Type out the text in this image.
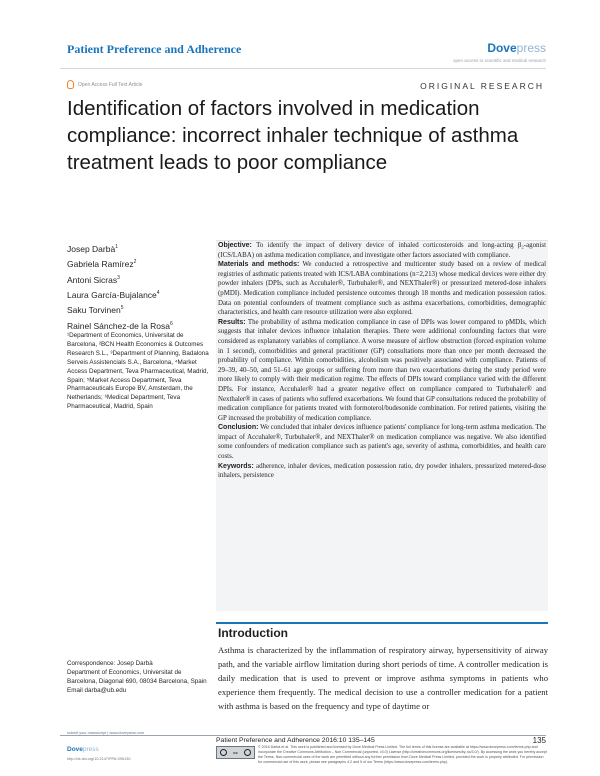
Patient Preference and Adherence	Dovepress
open access to scientific and medical research
Open Access Full Text Article	ORIGINAL RESEARCH
Identification of factors involved in medication compliance: incorrect inhaler technique of asthma treatment leads to poor compliance
Josep Darbà$^1$
Gabriela Ramírez$^2$
Antoni Sicras$^3$
Laura García-Bujalance$^4$
Saku Torvinen$^5$
Rainel Sánchez-de la Rosa$^6$
¹Department of Economics, Universitat de Barcelona, ²BCN Health Economics & Outcomes Research S.L., ³Department of Planning, Badalona Serveis Assistencials S.A., Barcelona, ⁴Market Access Department, Teva Pharmaceutical, Madrid, Spain; ⁵Market Access Department, Teva Pharmaceuticals Europe BV, Amsterdam, the Netherlands; ⁶Medical Department, Teva Pharmaceutical, Madrid, Spain
Correspondence: Josep Darbà
Department of Economics, Universitat de Barcelona, Diagonal 690, 08034 Barcelona, Spain
Email darba@ub.edu

Objective: To identify the impact of delivery device of inhaled corticosteroids and long-acting β₂-agonist (ICS/LABA) on asthma medication compliance, and investigate other factors associated with compliance.

Materials and methods: We conducted a retrospective and multicenter study based on a review of medical registries of asthmatic patients treated with ICS/LABA combinations (n=2,213) whose medical devices were either dry powder inhalers (DPIs, such as Accuhaler®, Turbuhaler®, and NEXThaler®) or pressurized metered-dose inhalers (pMDI). Medication compliance included persistence outcomes through 18 months and medication possession ratios. Data on potential confounders of treatment compliance such as asthma exacerbations, comorbidities, demographic characteristics, and health care resource utilization were also explored.

Results: The probability of asthma medication compliance in case of DPIs was lower compared to pMDIs, which suggests that inhaler devices influence inhalation therapies. There were additional confounding factors that were considered as explanatory variables of compliance. A worse measure of airflow obstruction (forced expiration volume in 1 second), comorbidities and general practitioner (GP) consultations more than once per month decreased the probability of compliance. Within comorbidities, alcoholism was positively associated with compliance. Patients of 29–39, 40–50, and 51–61 age groups or suffering from more than two exacerbations during the study period were more likely to comply with their medication regime. The effects of DPIs toward compliance varied with the different DPIs. For instance, Accuhaler® had a greater negative effect on compliance compared to Turbuhaler® and Nexthaler® in cases of patients who suffered exacerbations. We found that GP consultations reduced the probability of medication compliance for patients treated with formoterol/budesonide combination. For retired patients, visiting the GP increased the probability of medication compliance.

Conclusion: We concluded that inhaler devices influence patients' compliance for long-term asthma medication. The impact of Accuhaler®, Turbuhaler®, and NEXThaler® on medication compliance was negative. We also identified some confounders of medication compliance such as patient's age, severity of asthma, comorbidities, and health care costs.

Keywords: adherence, inhaler devices, medication possession ratio, dry powder inhalers, pressurized metered-dose inhalers, persistence

Introduction

Asthma is characterized by the inflammation of respiratory airway, hypersensitivity of airway path, and the variable airflow limitation during short periods of time. A controller medication is daily medication that is used to prevent or improve asthma symptoms in patients who experience them frequently. The medical decision to use a controller medication for a patient with asthma is based on the frequency and type of daytime or

submit your manuscript | www.dovepress.com
Dovepress
http://dx.doi.org/10.2147/PPA.S95130
Patient Preference and Adherence 2016:10 135–145	135
cc
© 2016 Darbà et al. This work is published and licensed by Dove Medical Press Limited. The full terms of this license are available at https://www.dovepress.com/terms.php and incorporate the Creative Commons Attribution – Non Commercial (unported, v3.0) License (http://creativecommons.org/licenses/by-nc/3.0/). By accessing the work you hereby accept the Terms. Non-commercial uses of the work are permitted without any further permission from Dove Medical Press Limited, provided the work is properly attributed. For permission for commercial use of this work, please see paragraphs 4.2 and 5 of our Terms (https://www.dovepress.com/terms.php).
